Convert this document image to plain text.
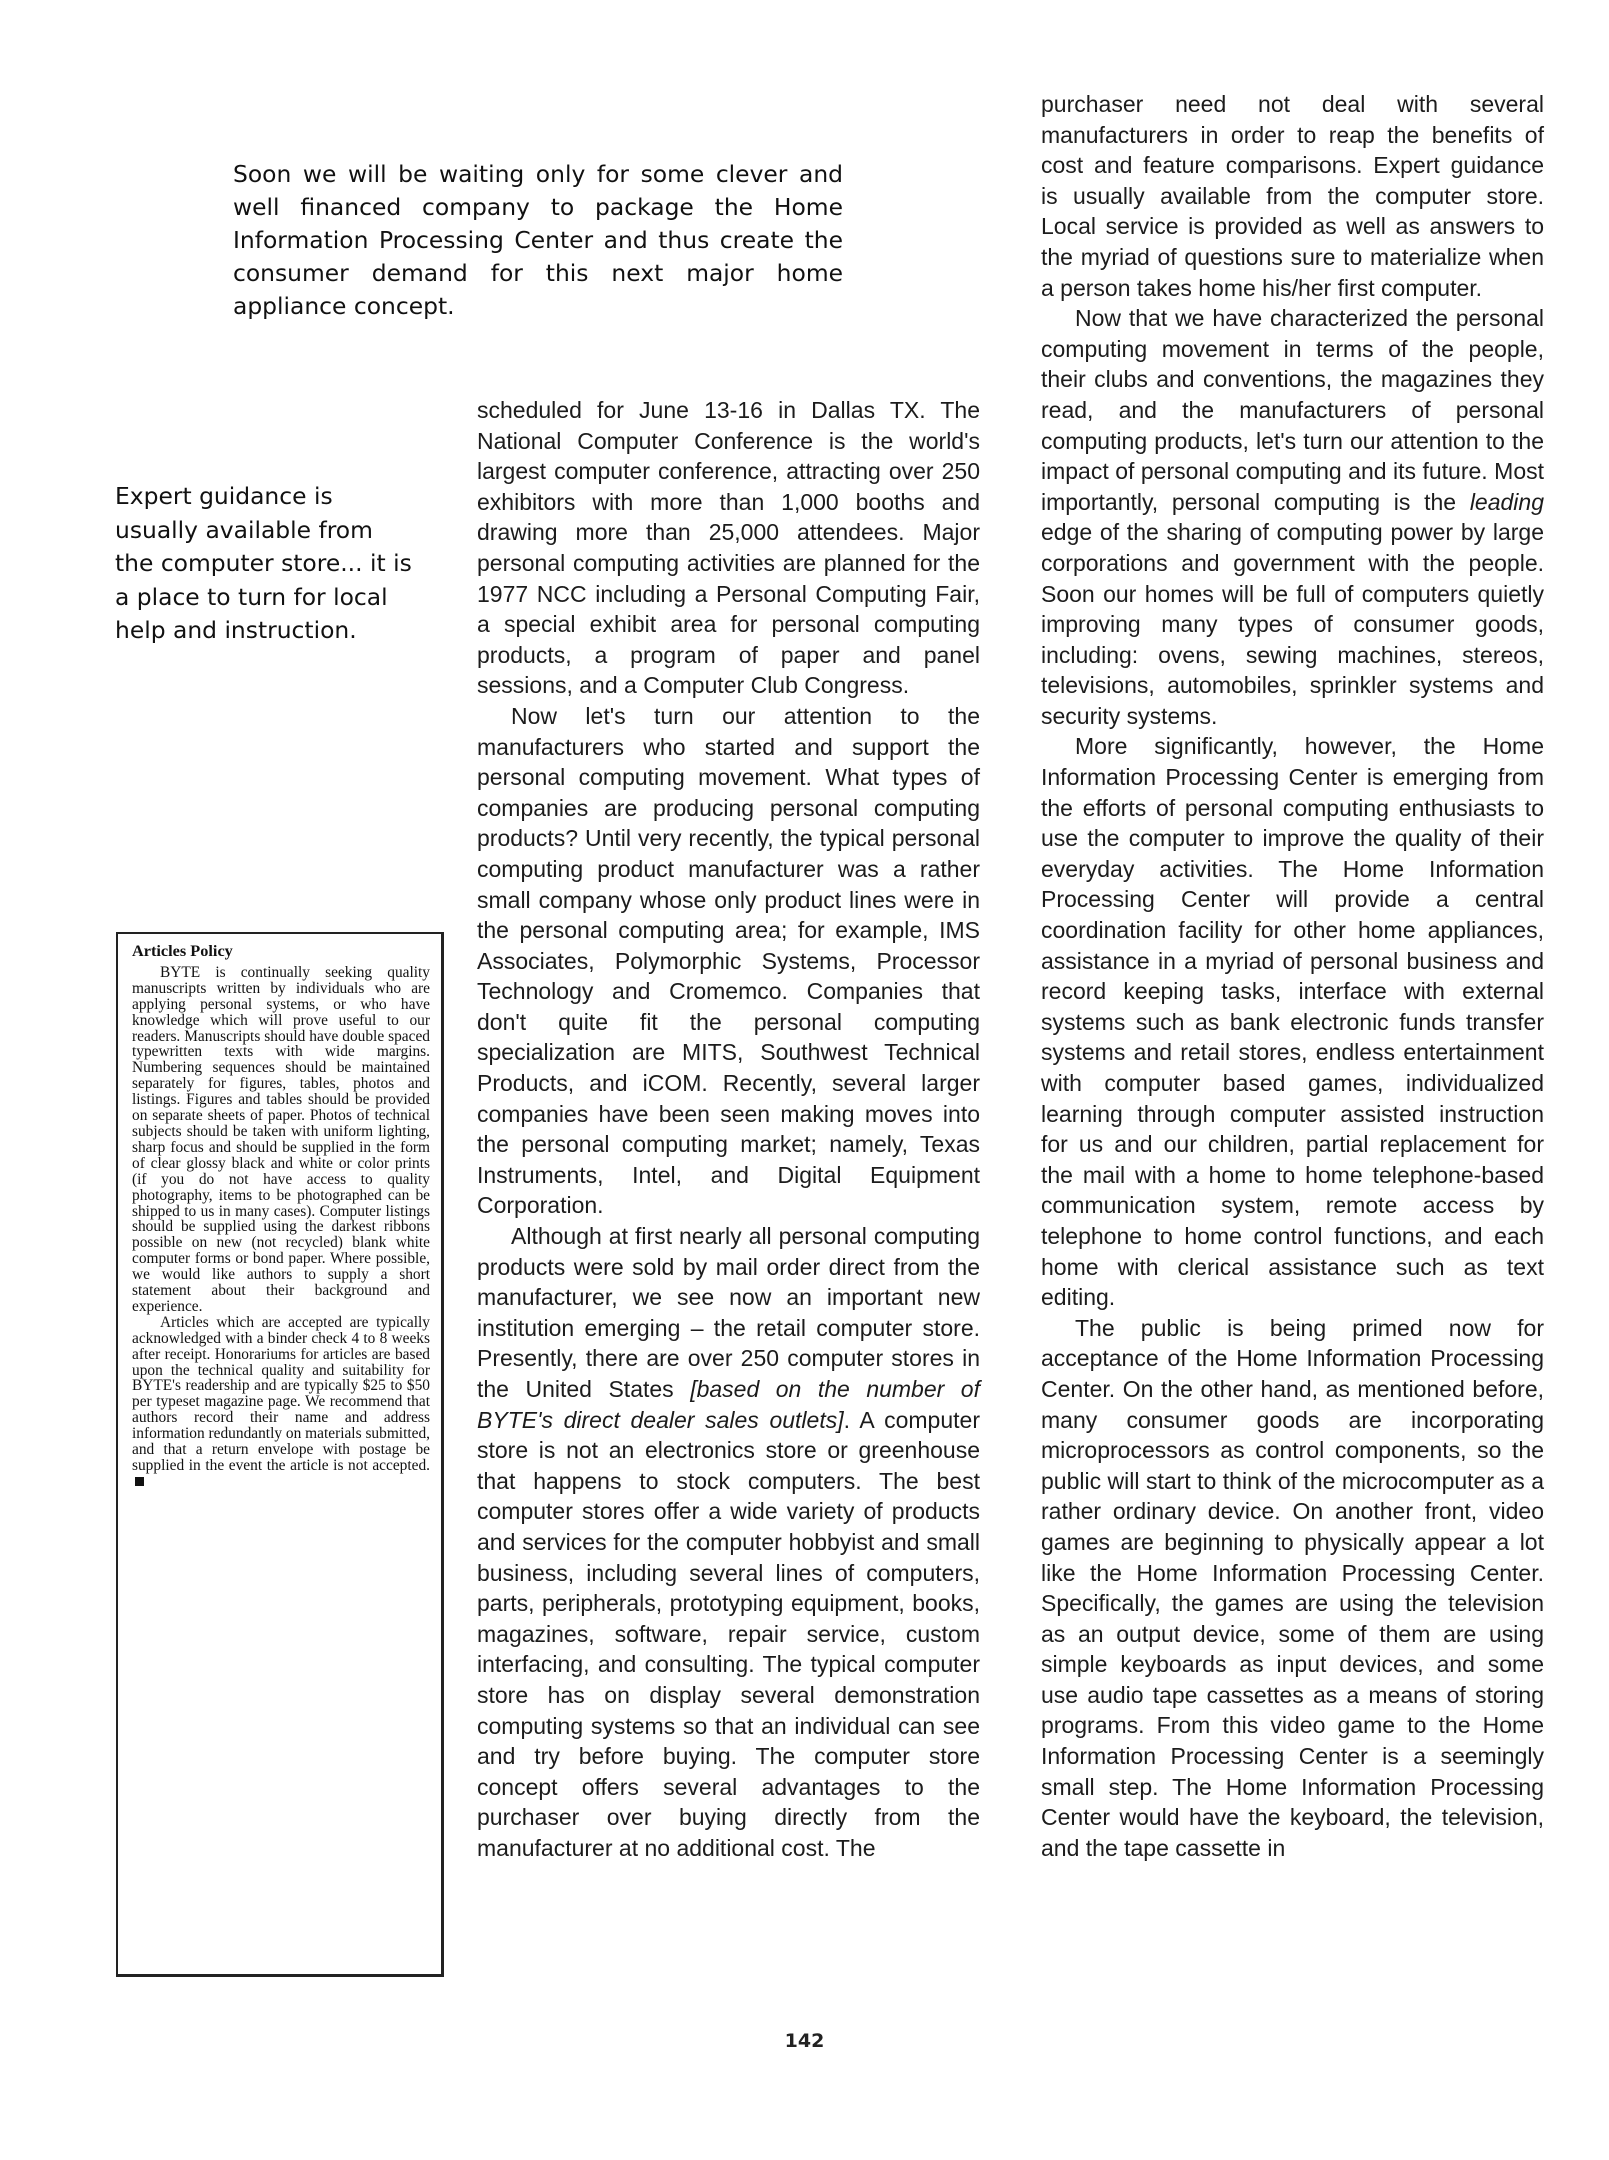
Soon we will be waiting only for some clever and well financed company to package the Home Information Processing Center and thus create the consumer demand for this next major home appliance concept.
Expert guidance is usually available from the computer store... it is a place to turn for local help and instruction.
Articles Policy

BYTE is continually seeking quality manuscripts written by individuals who are applying personal systems, or who have knowledge which will prove useful to our readers. Manuscripts should have double spaced typewritten texts with wide margins. Numbering sequences should be maintained separately for figures, tables, photos and listings. Figures and tables should be provided on separate sheets of paper. Photos of technical subjects should be taken with uniform lighting, sharp focus and should be supplied in the form of clear glossy black and white or color prints (if you do not have access to quality photography, items to be photographed can be shipped to us in many cases). Computer listings should be supplied using the darkest ribbons possible on new (not recycled) blank white computer forms or bond paper. Where possible, we would like authors to supply a short statement about their background and experience.

Articles which are accepted are typically acknowledged with a binder check 4 to 8 weeks after receipt. Honorariums for articles are based upon the technical quality and suitability for BYTE's readership and are typically $25 to $50 per typeset magazine page. We recommend that authors record their name and address information redundantly on materials submitted, and that a return envelope with postage be supplied in the event the article is not accepted.

scheduled for June 13-16 in Dallas TX. The National Computer Conference is the world's largest computer conference, attracting over 250 exhibitors with more than 1,000 booths and drawing more than 25,000 attendees. Major personal computing activities are planned for the 1977 NCC including a Personal Computing Fair, a special exhibit area for personal computing products, a program of paper and panel sessions, and a Computer Club Congress.

Now let's turn our attention to the manufacturers who started and support the personal computing movement. What types of companies are producing personal computing products? Until very recently, the typical personal computing product manufacturer was a rather small company whose only product lines were in the personal computing area; for example, IMS Associates, Polymorphic Systems, Processor Technology and Cromemco. Companies that don't quite fit the personal computing specialization are MITS, Southwest Technical Products, and iCOM. Recently, several larger companies have been seen making moves into the personal computing market; namely, Texas Instruments, Intel, and Digital Equipment Corporation.

Although at first nearly all personal computing products were sold by mail order direct from the manufacturer, we see now an important new institution emerging – the retail computer store. Presently, there are over 250 computer stores in the United States [based on the number of BYTE's direct dealer sales outlets]. A computer store is not an electronics store or greenhouse that happens to stock computers. The best computer stores offer a wide variety of products and services for the computer hobbyist and small business, including several lines of computers, parts, peripherals, prototyping equipment, books, magazines, software, repair service, custom interfacing, and consulting. The typical computer store has on display several demonstration computing systems so that an individual can see and try before buying. The computer store concept offers several advantages to the purchaser over buying directly from the manufacturer at no additional cost. The

purchaser need not deal with several manufacturers in order to reap the benefits of cost and feature comparisons. Expert guidance is usually available from the computer store. Local service is provided as well as answers to the myriad of questions sure to materialize when a person takes home his/her first computer.

Now that we have characterized the personal computing movement in terms of the people, their clubs and conventions, the magazines they read, and the manufacturers of personal computing products, let's turn our attention to the impact of personal computing and its future. Most importantly, personal computing is the leading edge of the sharing of computing power by large corporations and government with the people. Soon our homes will be full of computers quietly improving many types of consumer goods, including: ovens, sewing machines, stereos, televisions, automobiles, sprinkler systems and security systems.

More significantly, however, the Home Information Processing Center is emerging from the efforts of personal computing enthusiasts to use the computer to improve the quality of their everyday activities. The Home Information Processing Center will provide a central coordination facility for other home appliances, assistance in a myriad of personal business and record keeping tasks, interface with external systems such as bank electronic funds transfer systems and retail stores, endless entertainment with computer based games, individualized learning through computer assisted instruction for us and our children, partial replacement for the mail with a home to home telephone-based communication system, remote access by telephone to home control functions, and each home with clerical assistance such as text editing.

The public is being primed now for acceptance of the Home Information Processing Center. On the other hand, as mentioned before, many consumer goods are incorporating microprocessors as control components, so the public will start to think of the microcomputer as a rather ordinary device. On another front, video games are beginning to physically appear a lot like the Home Information Processing Center. Specifically, the games are using the television as an output device, some of them are using simple keyboards as input devices, and some use audio tape cassettes as a means of storing programs. From this video game to the Home Information Processing Center is a seemingly small step. The Home Information Processing Center would have the keyboard, the television, and the tape cassette in

142
